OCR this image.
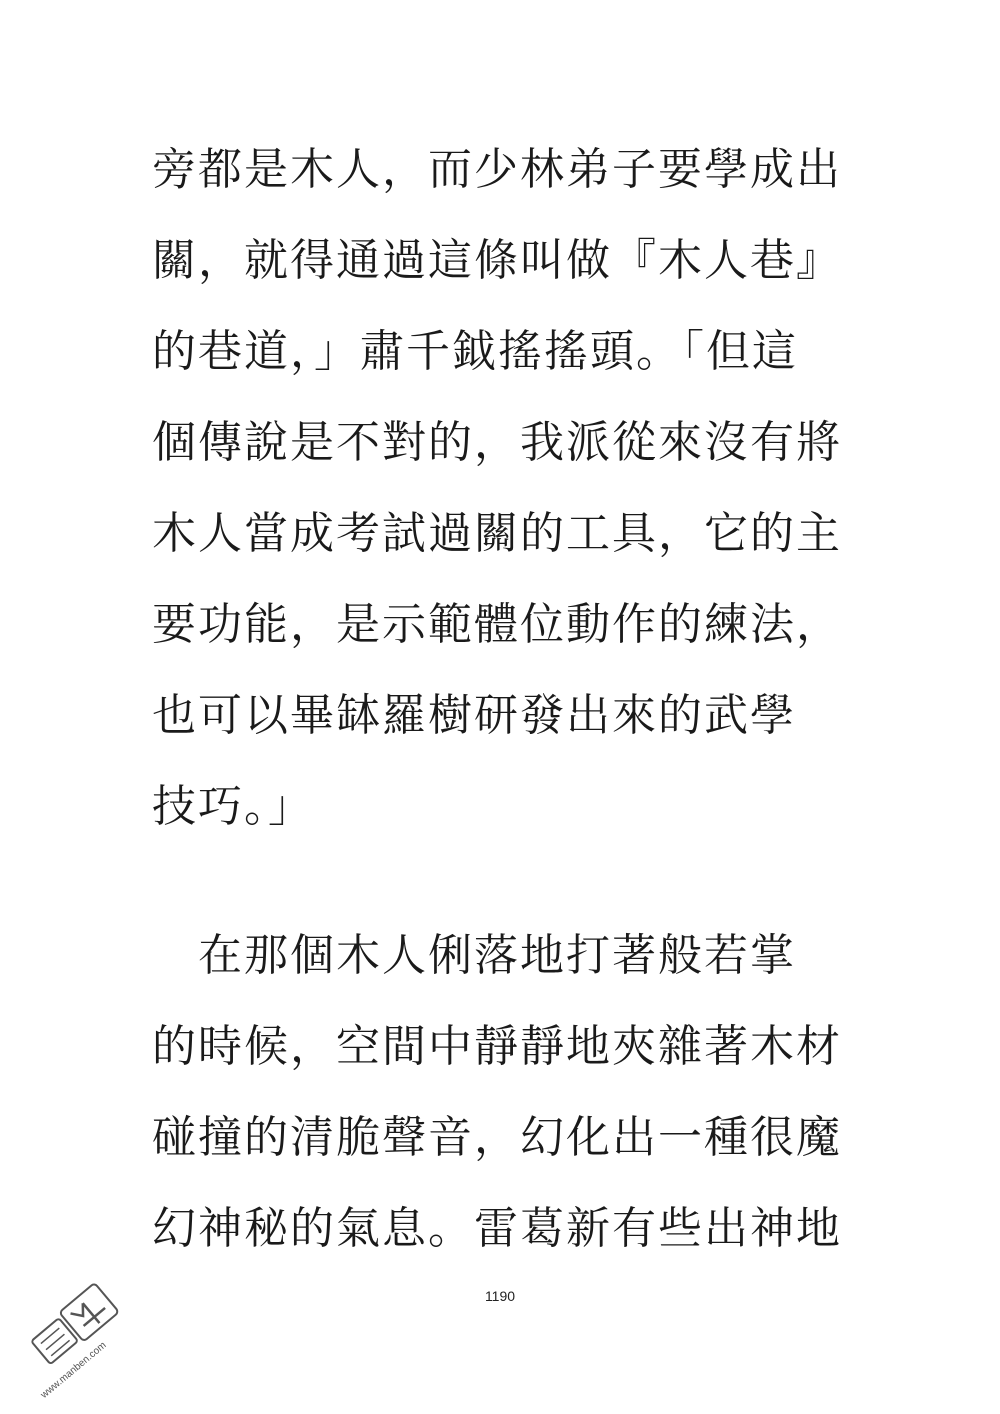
旁都是木人，而少林弟子要學成出
關，就得通過這條叫做『木人巷』
的巷道，」肅千鉞搖搖頭。「但這
個傳說是不對的，我派從來沒有將
木人當成考試過關的工具，它的主
要功能，是示範體位動作的練法，
也可以畢缽羅樹研發出來的武學
技巧。」
　在那個木人俐落地打著般若掌
的時候，空間中靜靜地夾雜著木材
碰撞的清脆聲音，幻化出一種很魔
幻神秘的氣息。雷葛新有些出神地
1190
www.manben.com
